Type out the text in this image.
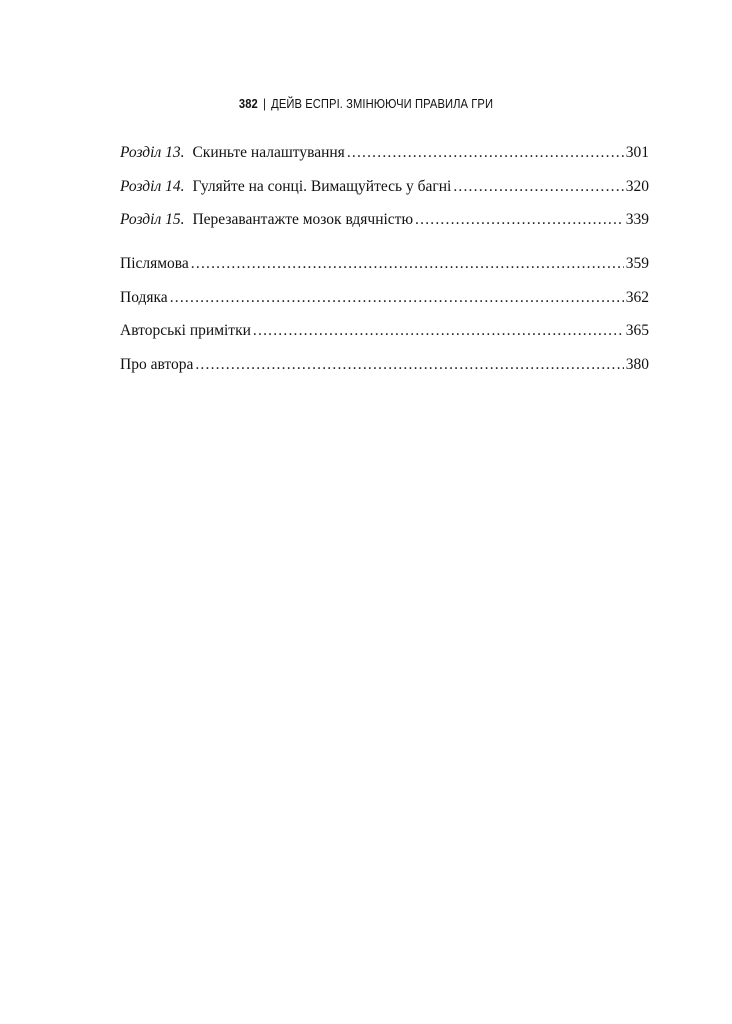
382 | ДЕЙВ ЕСПРІ. ЗМІНЮЮЧИ ПРАВИЛА ГРИ
Розділ 13. Скиньте налаштування .....	301
Розділ 14. Гуляйте на сонці. Вимащуйтесь у багні .....	320
Розділ 15. Перезавантажте мозок вдячністю .....	339
Післямова .....	359
Подяка .....	362
Авторські примітки .....	365
Про автора .....	380
